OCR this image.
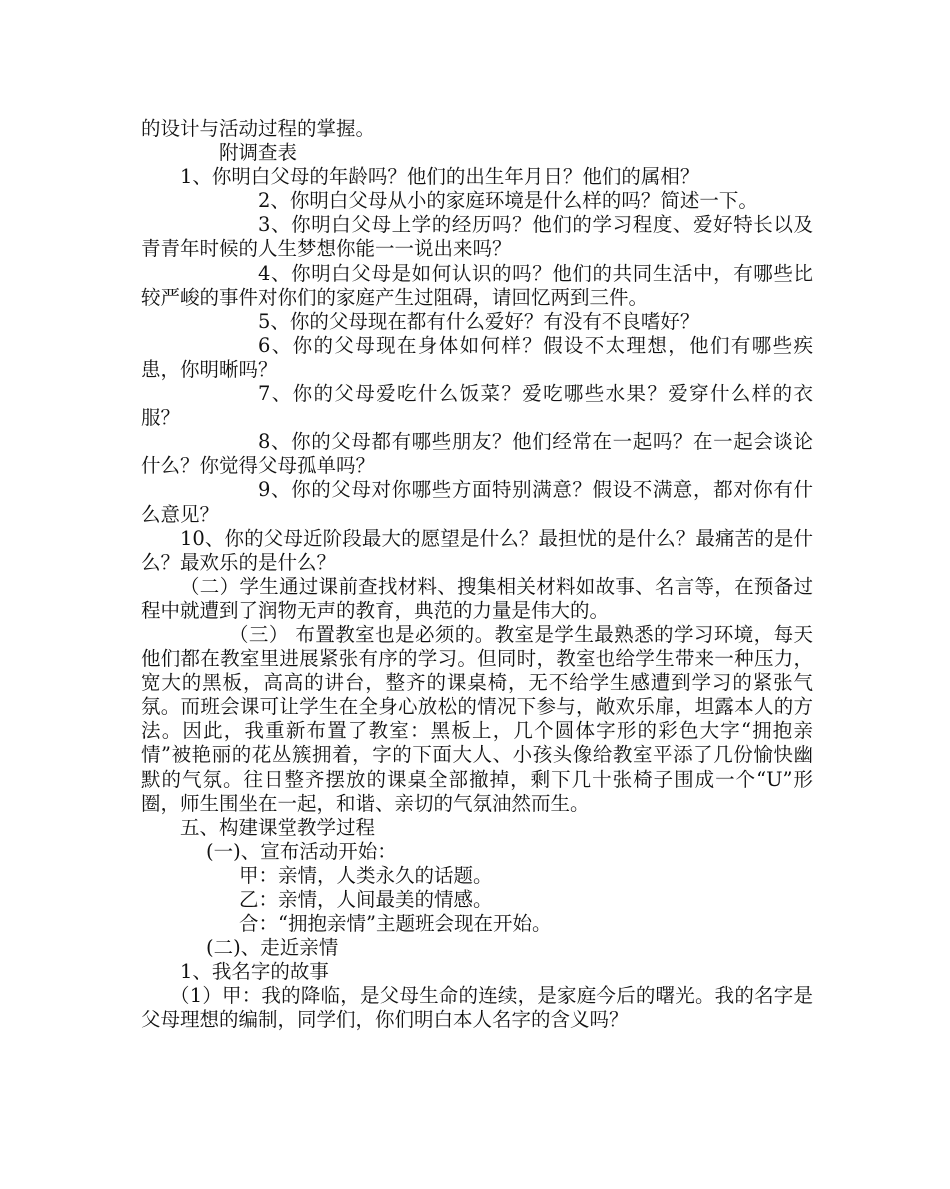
的设计与活动过程的掌握。

附调查表

1、你明白父母的年龄吗？他们的出生年月日？他们的属相？

2、你明白父母从小的家庭环境是什么样的吗？简述一下。

3、你明白父母上学的经历吗？他们的学习程度、爱好特长以及青青年时候的人生梦想你能一一说出来吗？

4、你明白父母是如何认识的吗？他们的共同生活中，有哪些比较严峻的事件对你们的家庭产生过阻碍，请回忆两到三件。

5、你的父母现在都有什么爱好？有没有不良嗜好？

6、你的父母现在身体如何样？假设不太理想，他们有哪些疾患，你明晰吗？

7、你的父母爱吃什么饭菜？爱吃哪些水果？爱穿什么样的衣服？

8、你的父母都有哪些朋友？他们经常在一起吗？在一起会谈论什么？你觉得父母孤单吗？

9、你的父母对你哪些方面特别满意？假设不满意，都对你有什么意见？

10、你的父母近阶段最大的愿望是什么？最担忧的是什么？最痛苦的是什么？最欢乐的是什么？

（二）学生通过课前查找材料、搜集相关材料如故事、名言等，在预备过程中就遭到了润物无声的教育，典范的力量是伟大的。

（三） 布置教室也是必须的。教室是学生最熟悉的学习环境，每天他们都在教室里进展紧张有序的学习。但同时，教室也给学生带来一种压力，宽大的黑板，高高的讲台，整齐的课桌椅，无不给学生感遭到学习的紧张气氛。而班会课可让学生在全身心放松的情况下参与，敞欢乐扉，坦露本人的方法。因此，我重新布置了教室：黑板上，几个圆体字形的彩色大字“拥抱亲情”被艳丽的花丛簇拥着，字的下面大人、小孩头像给教室平添了几份愉快幽默的气氛。往日整齐摆放的课桌全部撤掉，剩下几十张椅子围成一个“U”形圈，师生围坐在一起，和谐、亲切的气氛油然而生。

五、构建课堂教学过程

(一)、宣布活动开始：

甲：亲情，人类永久的话题。

乙：亲情，人间最美的情感。

合：“拥抱亲情”主题班会现在开始。

(二)、走近亲情

1、我名字的故事

（1）甲：我的降临，是父母生命的连续，是家庭今后的曙光。我的名字是父母理想的编制，同学们，你们明白本人名字的含义吗？
